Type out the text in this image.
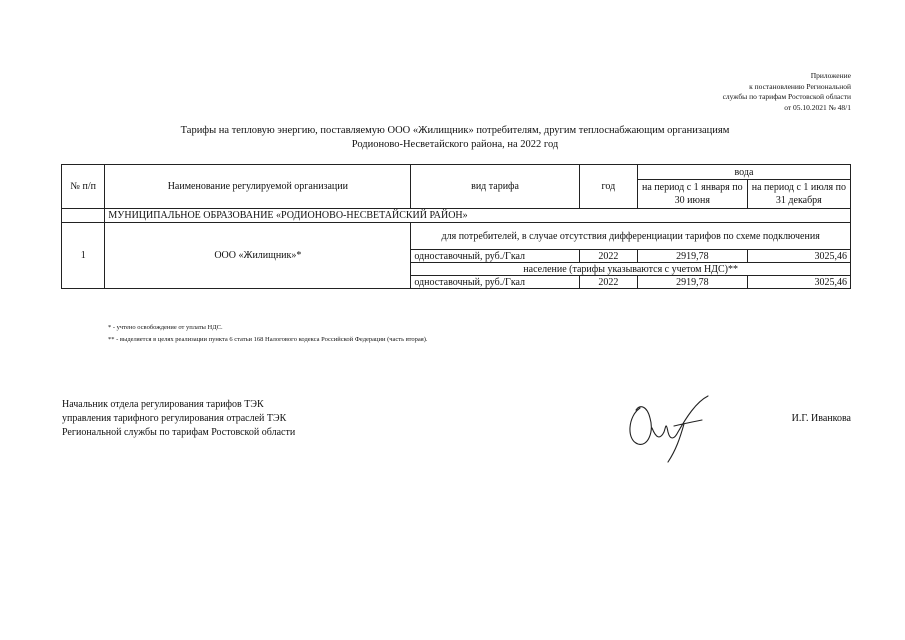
Приложение
к постановлению Региональной
службы по тарифам Ростовской области
от 05.10.2021 № 48/1
Тарифы на тепловую энергию, поставляемую ООО «Жилищник» потребителям, другим теплоснабжающим организациям
Родионово-Несветайского района, на 2022 год
№ п/п	Наименование регулируемой организации	вид тарифа	год	вода	
				на период с 1 января по 30 июня	на период с 1 июля по 31 декабря
	МУНИЦИПАЛЬНОЕ ОБРАЗОВАНИЕ «РОДИОНОВО-НЕСВЕТАЙСКИЙ РАЙОН»				
1	ООО «Жилищник»*	для потребителей, в случае отсутствия дифференциации тарифов по схеме подключения			
		одноставочный, руб./Гкал	2022	2919,78	3025,46
		население (тарифы указываются с учетом НДС)**			
		одноставочный, руб./Гкал	2022	2919,78	3025,46
* - учтено освобождение от уплаты НДС.
** - выделяется в целях реализации пункта 6 статьи 168 Налогового кодекса Российской Федерации (часть вторая).
Начальник отдела регулирования тарифов ТЭК
управления тарифного регулирования отраслей ТЭК
Региональной службы по тарифам Ростовской области
И.Г. Иванкова
